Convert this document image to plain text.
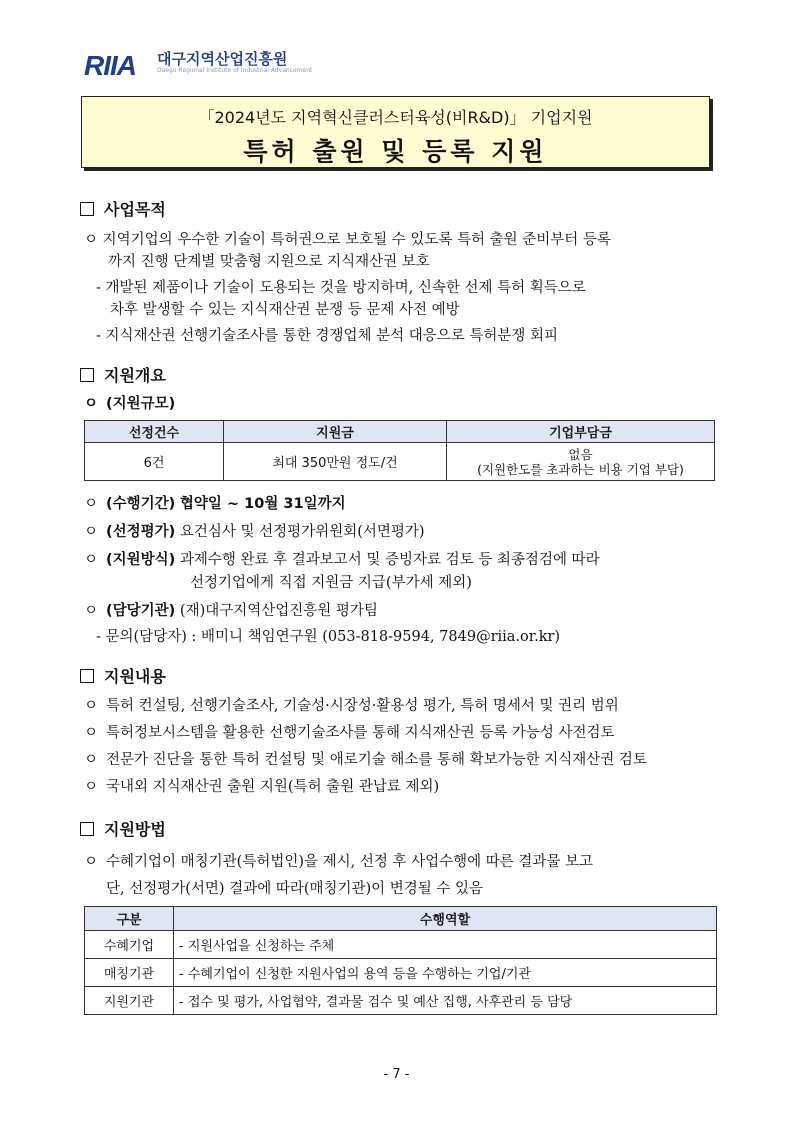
RIIA 대구지역산업진흥원
Daegu Regional Institute of Industrial Advancement
「2024년도 지역혁신클러스터육성(비R&D)」 기업지원
특허 출원 및 등록 지원
사업목적
ㅇ 지역기업의 우수한 기술이 특허권으로 보호될 수 있도록 특허 출원 준비부터 등록
까지 진행 단계별 맞춤형 지원으로 지식재산권 보호
- 개발된 제품이나 기술이 도용되는 것을 방지하며, 신속한 선제 특허 획득으로
차후 발생할 수 있는 지식재산권 분쟁 등 문제 사전 예방
- 지식재산권 선행기술조사를 통한 경쟁업체 분석 대응으로 특허분쟁 회피
지원개요
ㅇ (지원규모)
선정건수	지원금	기업부담금
6건	최대 350만원 정도/건	없음
(지원한도를 초과하는 비용 기업 부담)
ㅇ (수행기간) 협약일 ~ 10월 31일까지
ㅇ (선정평가) 요건심사 및 선정평가위원회(서면평가)
ㅇ (지원방식) 과제수행 완료 후 결과보고서 및 증빙자료 검토 등 최종점검에 따라
선정기업에게 직접 지원금 지급(부가세 제외)
ㅇ (담당기관) (재)대구지역산업진흥원 평가팀
- 문의(담당자) : 배미니 책임연구원 (053-818-9594, 7849@riia.or.kr)
지원내용
ㅇ 특허 컨설팅, 선행기술조사, 기술성·시장성·활용성 평가, 특허 명세서 및 권리 범위
ㅇ 특허정보시스템을 활용한 선행기술조사를 통해 지식재산권 등록 가능성 사전검토
ㅇ 전문가 진단을 통한 특허 컨설팅 및 애로기술 해소를 통해 확보가능한 지식재산권 검토
ㅇ 국내외 지식재산권 출원 지원(특허 출원 관납료 제외)
지원방법
ㅇ 수혜기업이 매칭기관(특허법인)을 제시, 선정 후 사업수행에 따른 결과물 보고
단, 선정평가(서면) 결과에 따라(매칭기관)이 변경될 수 있음
구분	수행역할
수혜기업	- 지원사업을 신청하는 주체
매칭기관	- 수혜기업이 신청한 지원사업의 용역 등을 수행하는 기업/기관
지원기관	- 접수 및 평가, 사업협약, 결과물 검수 및 예산 집행, 사후관리 등 담당
- 7 -
